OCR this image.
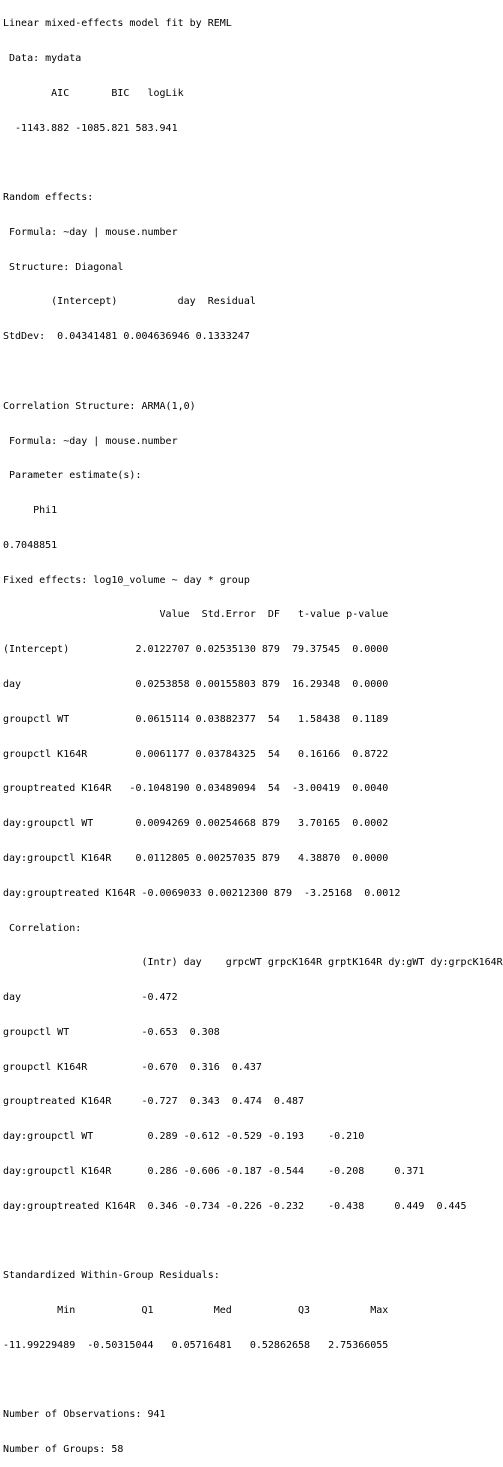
Linear mixed-effects model fit by REML

Data: mydata

AIC       BIC   logLik

-1143.882 -1085.821 583.941

Random effects:

Formula: ~day | mouse.number

Structure: Diagonal

(Intercept)          day  Residual

StdDev:  0.04341481 0.004636946 0.1333247

Correlation Structure: ARMA(1,0)

Formula: ~day | mouse.number

Parameter estimate(s):

Phi1

0.7048851

Fixed effects: log10_volume ~ day * group

Value  Std.Error  DF   t-value p-value

(Intercept)           2.0122707 0.02535130 879  79.37545  0.0000

day                   0.0253858 0.00155803 879  16.29348  0.0000

groupctl WT           0.0615114 0.03882377  54   1.58438  0.1189

groupctl K164R        0.0061177 0.03784325  54   0.16166  0.8722

grouptreated K164R   -0.1048190 0.03489094  54  -3.00419  0.0040

day:groupctl WT       0.0094269 0.00254668 879   3.70165  0.0002

day:groupctl K164R    0.0112805 0.00257035 879   4.38870  0.0000

day:grouptreated K164R -0.0069033 0.00212300 879  -3.25168  0.0012

Correlation:

(Intr) day    grpcWT grpcK164R grptK164R dy:gWT dy:grpcK164R

day                    -0.472

groupctl WT            -0.653  0.308

groupctl K164R         -0.670  0.316  0.437

grouptreated K164R     -0.727  0.343  0.474  0.487

day:groupctl WT         0.289 -0.612 -0.529 -0.193    -0.210

day:groupctl K164R      0.286 -0.606 -0.187 -0.544    -0.208     0.371

day:grouptreated K164R  0.346 -0.734 -0.226 -0.232    -0.438     0.449  0.445

Standardized Within-Group Residuals:

Min           Q1          Med           Q3          Max

-11.99229489  -0.50315044   0.05716481   0.52862658   2.75366055

Number of Observations: 941

Number of Groups: 58
